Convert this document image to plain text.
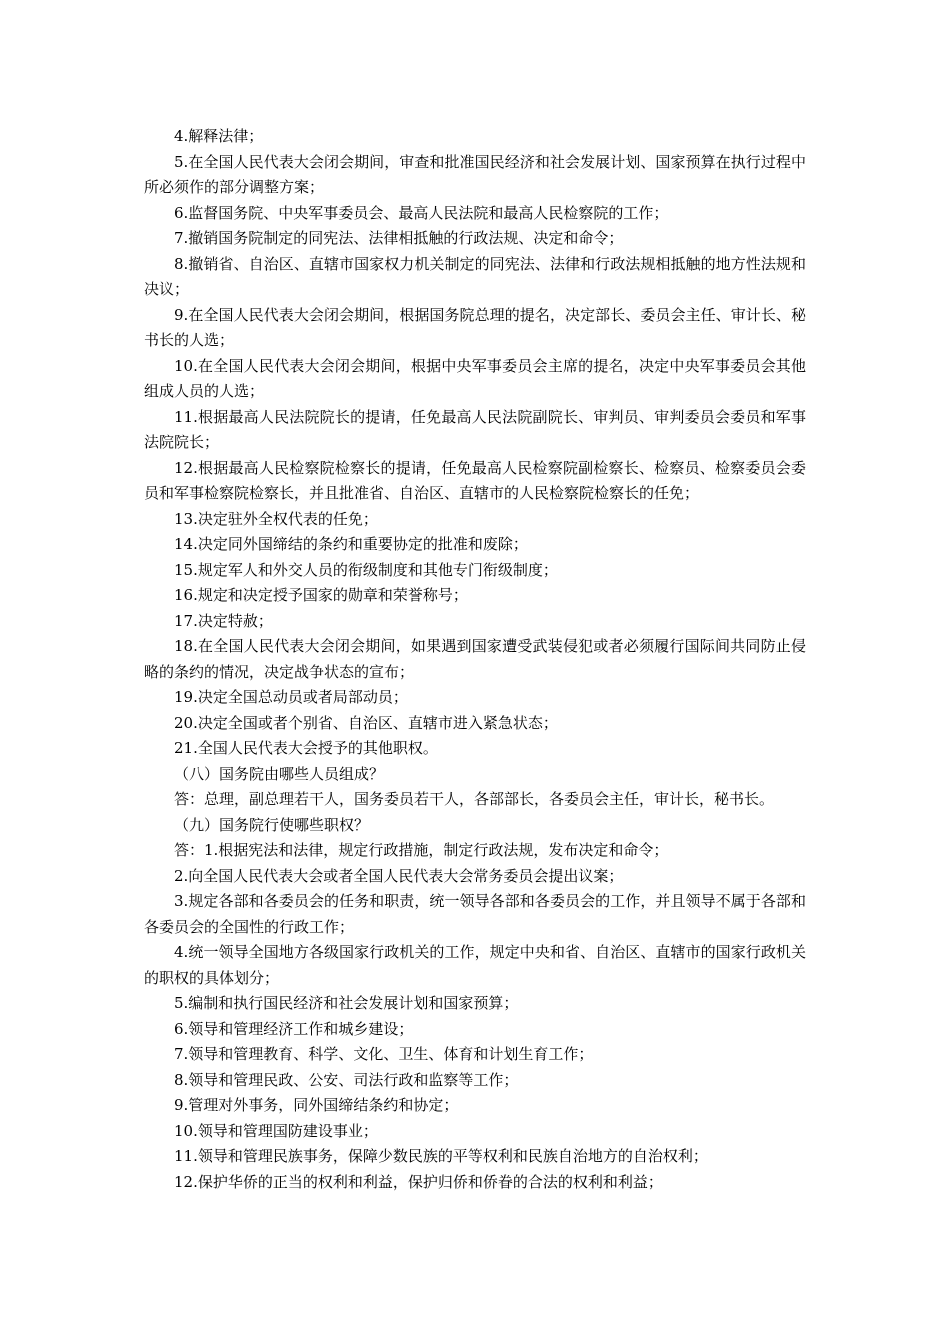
4.解释法律；

5.在全国人民代表大会闭会期间，审查和批准国民经济和社会发展计划、国家预算在执行过程中所必须作的部分调整方案；

6.监督国务院、中央军事委员会、最高人民法院和最高人民检察院的工作；

7.撤销国务院制定的同宪法、法律相抵触的行政法规、决定和命令；

8.撤销省、自治区、直辖市国家权力机关制定的同宪法、法律和行政法规相抵触的地方性法规和决议；

9.在全国人民代表大会闭会期间，根据国务院总理的提名，决定部长、委员会主任、审计长、秘书长的人选；

10.在全国人民代表大会闭会期间，根据中央军事委员会主席的提名，决定中央军事委员会其他组成人员的人选；

11.根据最高人民法院院长的提请，任免最高人民法院副院长、审判员、审判委员会委员和军事法院院长；

12.根据最高人民检察院检察长的提请，任免最高人民检察院副检察长、检察员、检察委员会委员和军事检察院检察长，并且批准省、自治区、直辖市的人民检察院检察长的任免；

13.决定驻外全权代表的任免；

14.决定同外国缔结的条约和重要协定的批准和废除；

15.规定军人和外交人员的衔级制度和其他专门衔级制度；

16.规定和决定授予国家的勋章和荣誉称号；

17.决定特赦；

18.在全国人民代表大会闭会期间，如果遇到国家遭受武装侵犯或者必须履行国际间共同防止侵略的条约的情况，决定战争状态的宣布；

19.决定全国总动员或者局部动员；

20.决定全国或者个别省、自治区、直辖市进入紧急状态；

21.全国人民代表大会授予的其他职权。

（八）国务院由哪些人员组成？

答：总理，副总理若干人，国务委员若干人，各部部长，各委员会主任，审计长，秘书长。

（九）国务院行使哪些职权？

答：1.根据宪法和法律，规定行政措施，制定行政法规，发布决定和命令；

2.向全国人民代表大会或者全国人民代表大会常务委员会提出议案；

3.规定各部和各委员会的任务和职责，统一领导各部和各委员会的工作，并且领导不属于各部和各委员会的全国性的行政工作；

4.统一领导全国地方各级国家行政机关的工作，规定中央和省、自治区、直辖市的国家行政机关的职权的具体划分；

5.编制和执行国民经济和社会发展计划和国家预算；

6.领导和管理经济工作和城乡建设；

7.领导和管理教育、科学、文化、卫生、体育和计划生育工作；

8.领导和管理民政、公安、司法行政和监察等工作；

9.管理对外事务，同外国缔结条约和协定；

10.领导和管理国防建设事业；

11.领导和管理民族事务，保障少数民族的平等权利和民族自治地方的自治权利；

12.保护华侨的正当的权利和利益，保护归侨和侨眷的合法的权利和利益；
